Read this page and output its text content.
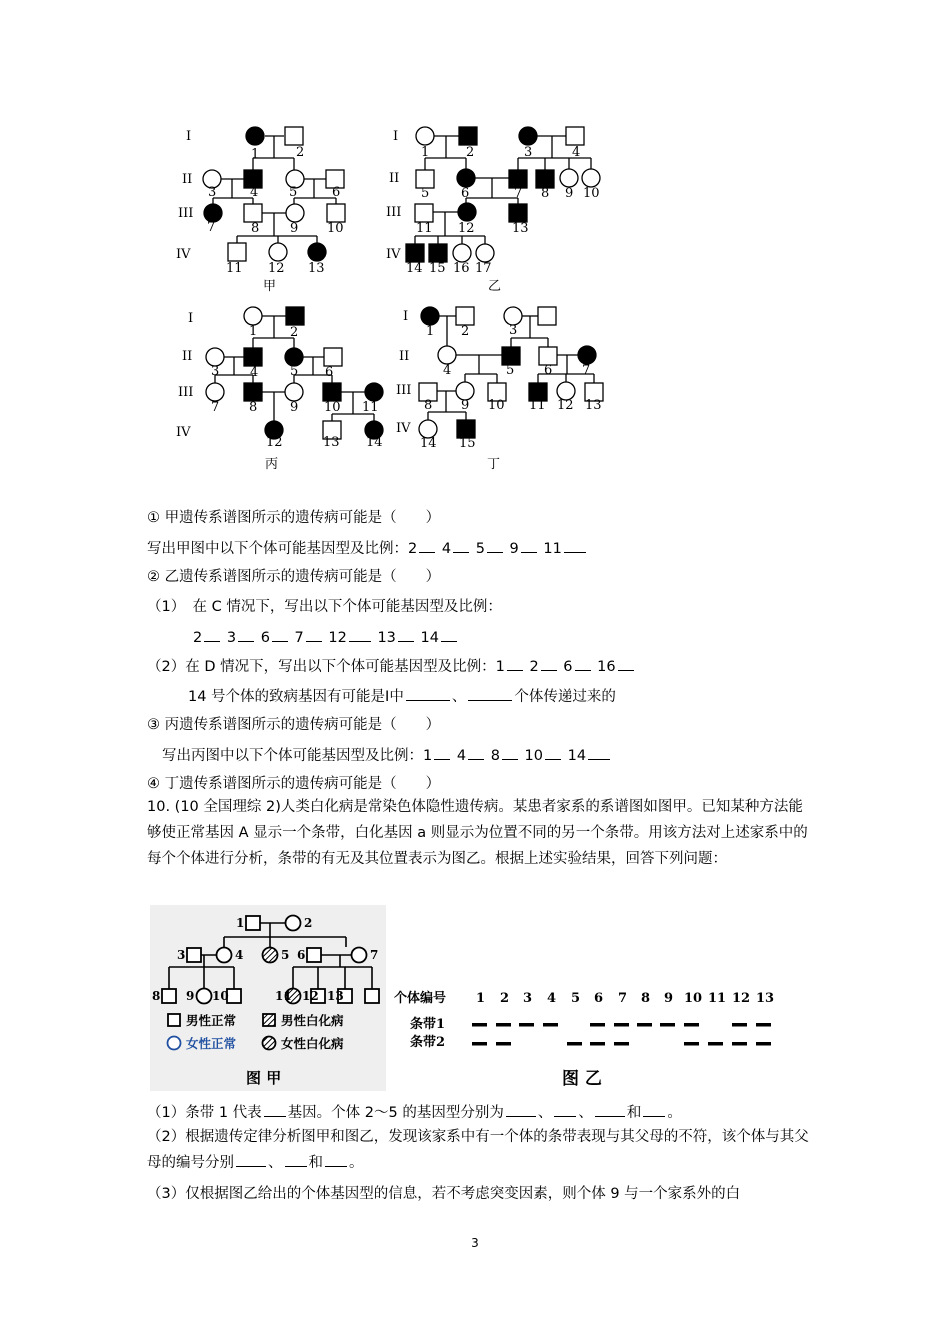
I
II
III
IV
1	2
3	4 5	6
7	8 9 10
11 12 13
甲
I
II
III
IV
1	2	3	4
5 6	7 8 9 10
11 12	13
14 15 16 17
乙
I
II
III
IV
1	2
3 4 5 6
7 8	9 10 11
12	13 14
丙
I
II
III
IV
1 2	3
4	5 6 7
8 9 10 11 12 13
14 15
丁
① 甲遗传系谱图所示的遗传病可能是（　　）
写出甲图中以下个体可能基因型及比例：2 4 5 9 11
② 乙遗传系谱图所示的遗传病可能是（　　）
（1）　在 C 情况下，写出以下个体可能基因型及比例：
2 3 6 7 12 13 14
（2）在 D 情况下，写出以下个体可能基因型及比例：1 2 6 16
14 号个体的致病基因有可能是Ⅰ中	、	个体传递过来的
③ 丙遗传系谱图所示的遗传病可能是（　　）
写出丙图中以下个体可能基因型及比例：1 4 8 10 14
④ 丁遗传系谱图所示的遗传病可能是（　　）
10. (10 全国理综 2)人类白化病是常染色体隐性遗传病。某患者家系的系谱图如图甲。已知某种方法能够使正常基因 A 显示一个条带，白化基因 a 则显示为位置不同的另一个条带。用该方法对上述家系中的每个个体进行分析，条带的有无及其位置表示为图乙。根据上述实验结果，回答下列问题：
1	2
3	4	5 6	7
8 9 10	11 12 13
男性正常	男性白化病
女性正常	女性白化病
图 甲
个体编号 1 2 3 4 5 6 7 8 9 10 11 12 13
条带1
条带2
图 乙
（1）条带 1 代表 基因。个体 2～5 的基因型分别为 、 、 和 。
（2）根据遗传定律分析图甲和图乙，发现该家系中有一个体的条带表现与其父母的不符，该个体与其父母的编号分别 、 和 。
（3）仅根据图乙给出的个体基因型的信息，若不考虑突变因素，则个体 9 与一个家系外的白
3
